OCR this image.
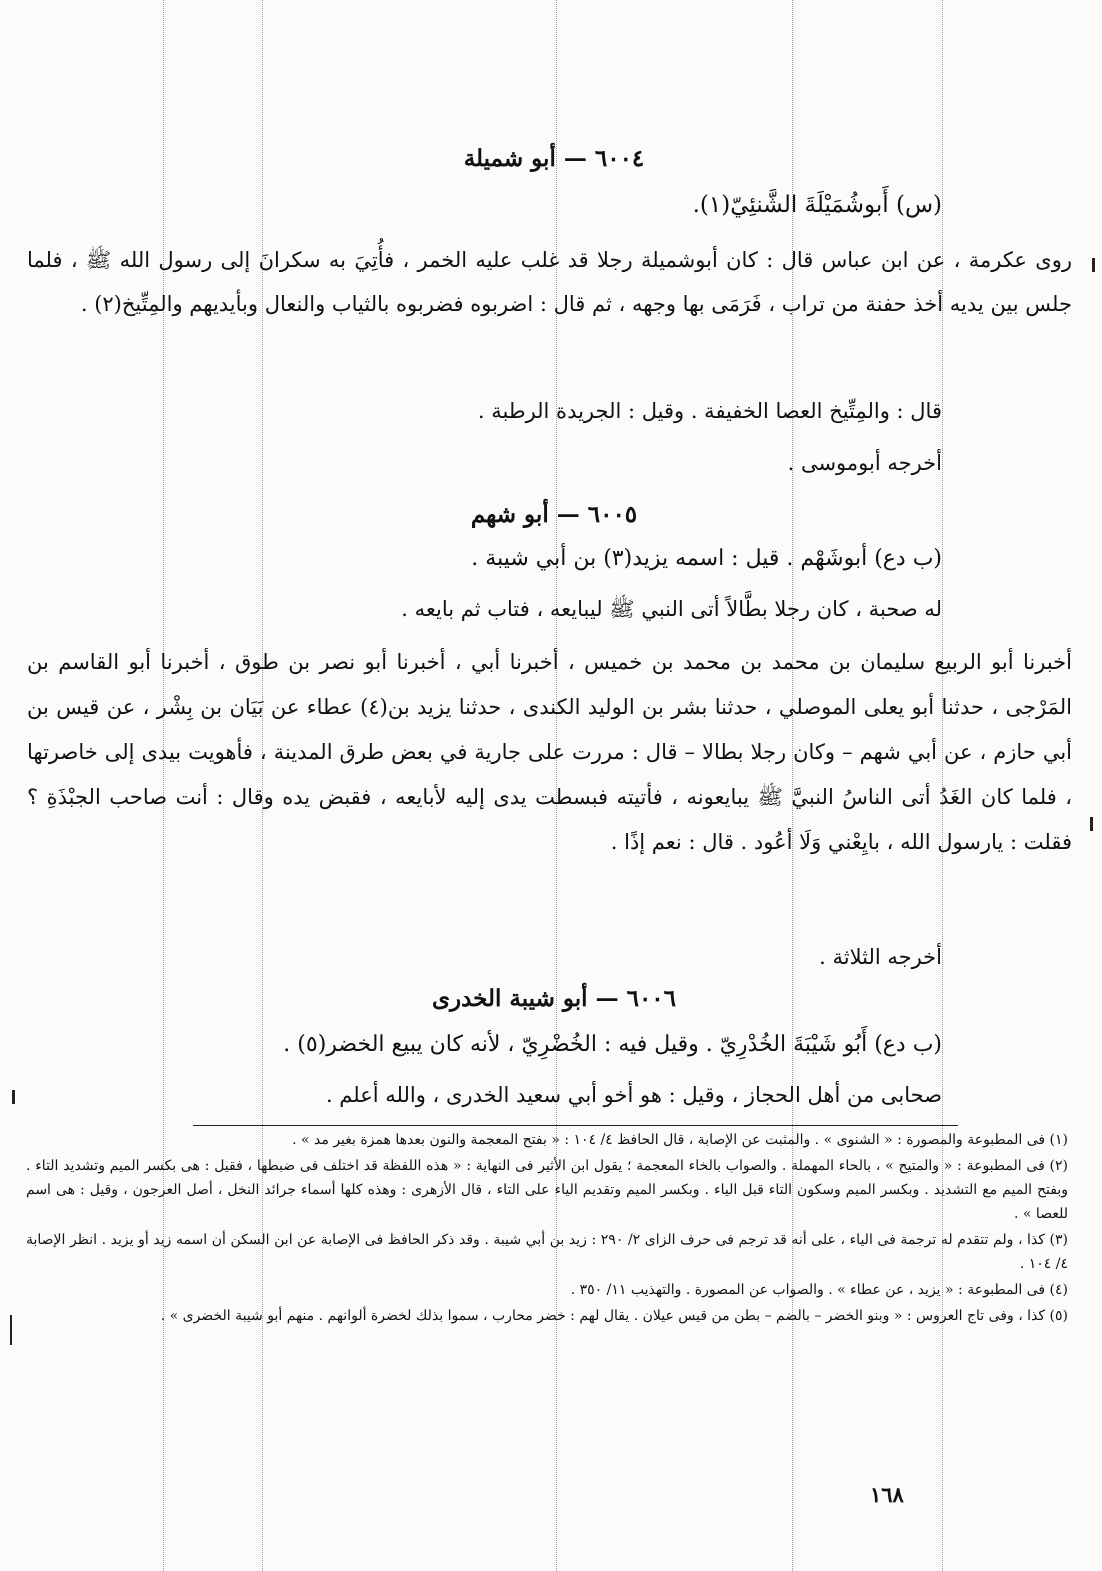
٦٠٠٤ — أبو شميلة

(س) أَبوشُمَيْلَةَ الشَّنئِيّ(١).

روى عكرمة ، عن ابن عباس قال : كان أبوشميلة رجلا قد غلب عليه الخمر ، فأُتِيَ به سكرانَ إلى رسول الله ﷺ ، فلما جلس بين يديه أخذ حفنة من تراب ، فَرَمَى بها وجهه ، ثم قال : اضربوه فضربوه بالثياب والنعال وبأيديهم والمِتِّيخ(٢) .

قال : والمِتِّيخ العصا الخفيفة . وقيل : الجريدة الرطبة .

أخرجه أبوموسى .

٦٠٠٥ — أبو شهم

(ب دع) أبوشَهْم . قيل : اسمه يزيد(٣) بن أبي شيبة .

له صحبة ، كان رجلا بطَّالاً أتى النبي ﷺ ليبايعه ، فتاب ثم بايعه .

أخبرنا أبو الربيع سليمان بن محمد بن محمد بن خميس ، أخبرنا أبي ، أخبرنا أبو نصر بن طوق ، أخبرنا أبو القاسم بن المَرْجى ، حدثنا أبو يعلى الموصلي ، حدثنا بشر بن الوليد الكندى ، حدثنا يزيد بن(٤) عطاء عن بَيَان بن بِشْر ، عن قيس بن أبي حازم ، عن أبي شهم – وكان رجلا بطالا – قال : مررت على جارية في بعض طرق المدينة ، فأهويت بيدى إلى خاصرتها ، فلما كان الغَدُ أتى الناسُ النبيَّ ﷺ يبايعونه ، فأتيته فبسطت يدى إليه لأبايعه ، فقبض يده وقال : أنت صاحب الجبْذَةِ ؟ فقلت : يارسول الله ، بايِعْني وَلَا أعُود . قال : نعم إذًا .

أخرجه الثلاثة .

٦٠٠٦ — أبو شيبة الخدرى

(ب دع) أَبُو شَيْبَةَ الخُدْرِيّ . وقيل فيه : الخُضْرِيّ ، لأنه كان يبيع الخضر(٥) .

صحابى من أهل الحجاز ، وقيل : هو أخو أبي سعيد الخدرى ، والله أعلم .

(١) فى المطبوعة والمصورة : « الشنوى » . والمثبت عن الإصابة ، قال الحافظ ٤/ ١٠٤ : « بفتح المعجمة والنون بعدها همزة بغير مد » .

(٢) فى المطبوعة : « والمتيح » ، بالحاء المهملة . والصواب بالخاء المعجمة ؛ يقول ابن الأثير فى النهاية : « هذه اللفظة قد اختلف فى ضبطها ، فقيل : هى بكسر الميم وتشديد التاء . وبفتح الميم مع التشديد . وبكسر الميم وسكون التاء قبل الياء . وبكسر الميم وتقديم الياء على التاء ، قال الأزهرى : وهذه كلها أسماء جرائد النخل ، أصل العرجون ، وقيل : هى اسم للعصا » .

(٣) كذا ، ولم تتقدم له ترجمة فى الياء ، على أنه قد ترجم فى حرف الزاى ٢/ ٢٩٠ : زيد بن أبي شيبة . وقد ذكر الحافظ فى الإصابة عن ابن السكن أن اسمه زيد أو يزيد . انظر الإصابة ٤/ ١٠٤ .

(٤) فى المطبوعة : « يزيد ، عن عطاء » . والصواب عن المصورة . والتهذيب ١١/ ٣٥٠ .

(٥) كذا ، وفى تاج العروس : « وبنو الخضر – بالضم – بطن من قيس عيلان . يقال لهم : خضر محارب ، سموا بذلك لخضرة ألوانهم . منهم أبو شيبة الخضرى » .

١٦٨
